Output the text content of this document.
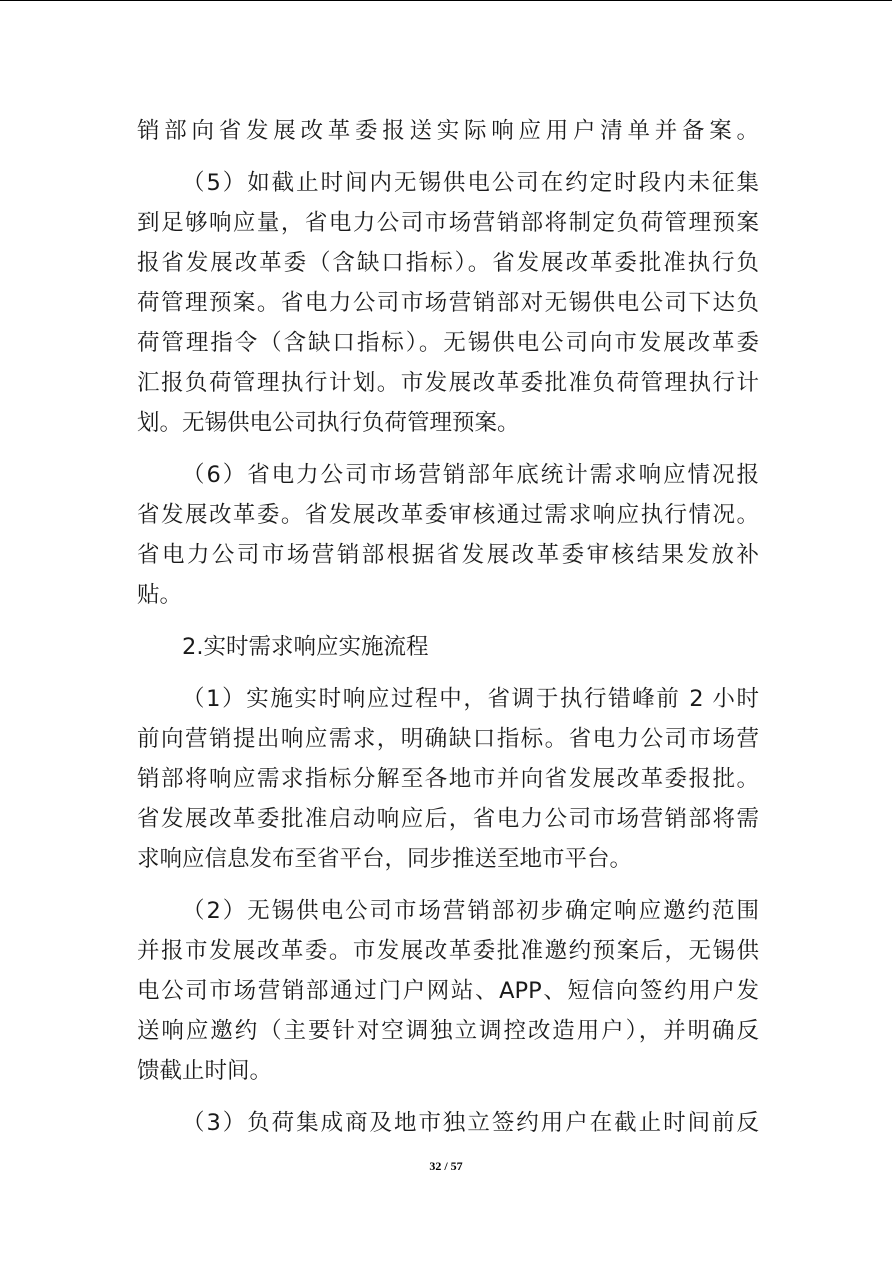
销部向省发展改革委报送实际响应用户清单并备案。
（5）如截止时间内无锡供电公司在约定时段内未征集
到足够响应量，省电力公司市场营销部将制定负荷管理预案
报省发展改革委（含缺口指标）。省发展改革委批准执行负
荷管理预案。省电力公司市场营销部对无锡供电公司下达负
荷管理指令（含缺口指标）。无锡供电公司向市发展改革委
汇报负荷管理执行计划。市发展改革委批准负荷管理执行计
划。无锡供电公司执行负荷管理预案。
（6）省电力公司市场营销部年底统计需求响应情况报
省发展改革委。省发展改革委审核通过需求响应执行情况。
省电力公司市场营销部根据省发展改革委审核结果发放补
贴。
2.实时需求响应实施流程
（1）实施实时响应过程中，省调于执行错峰前 2 小时
前向营销提出响应需求，明确缺口指标。省电力公司市场营
销部将响应需求指标分解至各地市并向省发展改革委报批。
省发展改革委批准启动响应后，省电力公司市场营销部将需
求响应信息发布至省平台，同步推送至地市平台。
（2）无锡供电公司市场营销部初步确定响应邀约范围
并报市发展改革委。市发展改革委批准邀约预案后，无锡供
电公司市场营销部通过门户网站、APP、短信向签约用户发
送响应邀约（主要针对空调独立调控改造用户），并明确反
馈截止时间。
（3）负荷集成商及地市独立签约用户在截止时间前反
32 / 57
